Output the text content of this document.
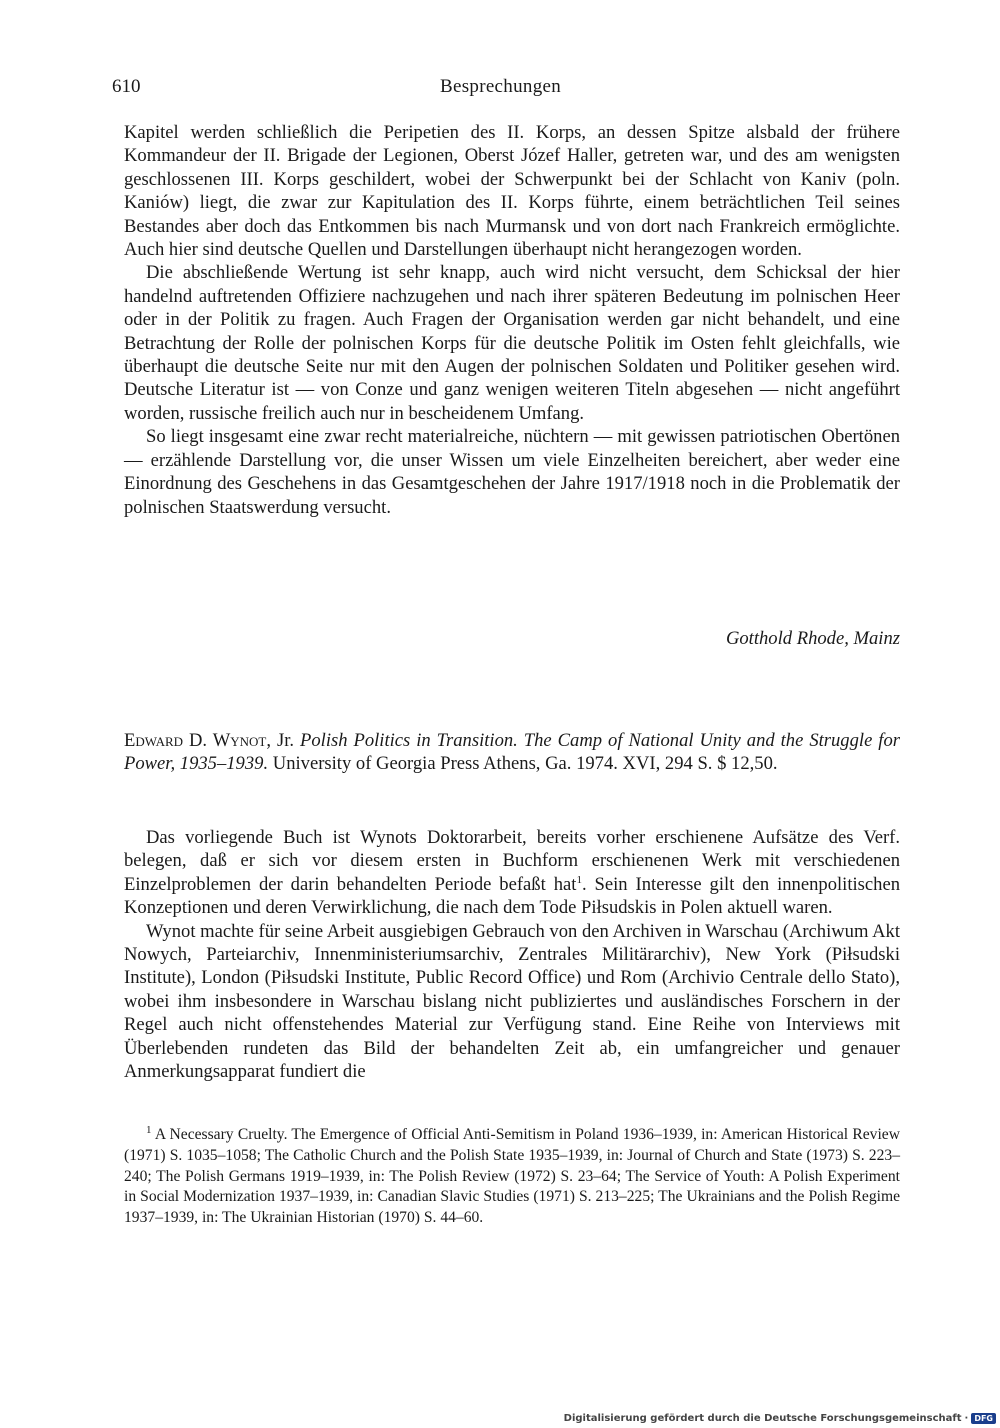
610	Besprechungen

Kapitel werden schließlich die Peripetien des II. Korps, an dessen Spitze alsbald der frühere Kommandeur der II. Brigade der Legionen, Oberst Józef Haller, getreten war, und des am wenigsten geschlossenen III. Korps geschildert, wobei der Schwerpunkt bei der Schlacht von Kaniv (poln. Kaniów) liegt, die zwar zur Kapitulation des II. Korps führte, einem beträchtlichen Teil seines Bestandes aber doch das Entkommen bis nach Murmansk und von dort nach Frankreich ermöglichte. Auch hier sind deutsche Quellen und Darstellungen überhaupt nicht herangezogen worden.

Die abschließende Wertung ist sehr knapp, auch wird nicht versucht, dem Schicksal der hier handelnd auftretenden Offiziere nachzugehen und nach ihrer späteren Bedeutung im polnischen Heer oder in der Politik zu fragen. Auch Fragen der Organisation werden gar nicht behandelt, und eine Betrachtung der Rolle der polnischen Korps für die deutsche Politik im Osten fehlt gleichfalls, wie überhaupt die deutsche Seite nur mit den Augen der polnischen Soldaten und Politiker gesehen wird. Deutsche Literatur ist — von Conze und ganz wenigen weiteren Titeln abgesehen — nicht angeführt worden, russische freilich auch nur in bescheidenem Umfang.

So liegt insgesamt eine zwar recht materialreiche, nüchtern — mit gewissen patriotischen Obertönen — erzählende Darstellung vor, die unser Wissen um viele Einzelheiten bereichert, aber weder eine Einordnung des Geschehens in das Gesamtgeschehen der Jahre 1917/1918 noch in die Problematik der polnischen Staatswerdung versucht.

Gotthold Rhode, Mainz
Edward D. Wynot, Jr. Polish Politics in Transition. The Camp of National Unity and the Struggle for Power, 1935–1939. University of Georgia Press Athens, Ga. 1974. XVI, 294 S. $ 12,50.

Das vorliegende Buch ist Wynots Doktorarbeit, bereits vorher erschienene Aufsätze des Verf. belegen, daß er sich vor diesem ersten in Buchform erschienenen Werk mit verschiedenen Einzelproblemen der darin behandelten Periode befaßt hat$^1$. Sein Interesse gilt den innenpolitischen Konzeptionen und deren Verwirklichung, die nach dem Tode Piłsudskis in Polen aktuell waren.

Wynot machte für seine Arbeit ausgiebigen Gebrauch von den Archiven in Warschau (Archiwum Akt Nowych, Parteiarchiv, Innenministeriumsarchiv, Zentrales Militärarchiv), New York (Piłsudski Institute), London (Piłsudski Institute, Public Record Office) und Rom (Archivio Centrale dello Stato), wobei ihm insbesondere in Warschau bislang nicht publiziertes und ausländisches Forschern in der Regel auch nicht offenstehendes Material zur Verfügung stand. Eine Reihe von Interviews mit Überlebenden rundeten das Bild der behandelten Zeit ab, ein umfangreicher und genauer Anmerkungsapparat fundiert die

$^1$ A Necessary Cruelty. The Emergence of Official Anti-Semitism in Poland 1936–1939, in: American Historical Review (1971) S. 1035–1058; The Catholic Church and the Polish State 1935–1939, in: Journal of Church and State (1973) S. 223–240; The Polish Germans 1919–1939, in: The Polish Review (1972) S. 23–64; The Service of Youth: A Polish Experiment in Social Modernization 1937–1939, in: Canadian Slavic Studies (1971) S. 213–225; The Ukrainians and the Polish Regime 1937–1939, in: The Ukrainian Historian (1970) S. 44–60.

Digitalisierung gefördert durch die Deutsche Forschungsgemeinschaft · DFG
